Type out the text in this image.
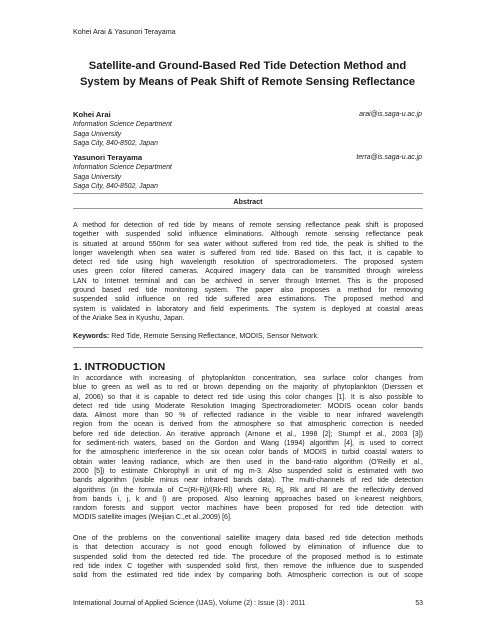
Kohei Arai & Yasunori Terayama
Satellite-and Ground-Based Red Tide Detection Method and
System by Means of Peak Shift of Remote Sensing Reflectance
Kohei Arai	arai@is.saga-u.ac.jp
Information Science Department
Saga University
Saga City, 840-8502, Japan
Yasunori Terayama	terra@is.saga-u.ac.jp
Information Science Department
Saga University
Saga City, 840-8502, Japan
Abstract
A method for detection of red tide by means of remote sensing reflectance peak shift is proposed
together with suspended solid influence eliminations. Although remote sensing reflectance peak
is situated at around 550nm for sea water without suffered from red tide, the peak is shifted to the
longer wavelength when sea water is suffered from red tide. Based on this fact, it is capable to
detect red tide using high wavelength resolution of spectroradiometers. The proposed system
uses green color filtered cameras. Acquired imagery data can be transmitted through wireless
LAN to Internet terminal and can be archived in server through Internet. This is the proposed
ground based red tide monitoring system. The paper also proposes a method for removing
suspended solid influence on red tide suffered area estimations. The proposed method and
system is validated in laboratory and field experiments. The system is deployed at coastal areas
of the Ariake Sea in Kyushu, Japan.
Keywords: Red Tide, Remote Sensing Reflectance, MODIS, Sensor Network.
1. INTRODUCTION
In accordance with increasing of phytoplankton concentration, sea surface color changes from
blue to green as well as to red or brown depending on the majority of phytoplankton (Dierssen et
al, 2006) so that it is capable to detect red tide using this color changes [1]. It is also possible to
detect red tide using Moderate Resolution Imaging Spectroradiometer: MODIS ocean color bands
data. Almost more than 90 % of reflected radiance in the visible to near infrared wavelength
region from the ocean is derived from the atmosphere so that atmospheric correction is needed
before red tide detection. An iterative approach (Arnone et al., 1998 [2]; Stumpf et al., 2003 [3])
for sediment-rich waters, based on the Gordon and Wang (1994) algorithm [4], is used to correct
for the atmospheric interference in the six ocean color bands of MODIS in turbid coastal waters to
obtain water leaving radiance, which are then used in the band-ratio algorithm (O'Reilly et al.,
2000 [5]) to estimate Chlorophyll in unit of mg m-3. Also suspended solid is estimated with two
bands algorithm (visible minus near infrared bands data). The multi-channels of red tide detection
algorithms (in the formula of C=(Ri-Rj)/(Rk-Rl) where Ri, Rj, Rk and Rl are the reflectivity derived
from bands i, j, k and l) are proposed. Also learning approaches based on k-nearest neighbors,
random forests and support vector machines have been proposed for red tide detection with
MODIS satellite images (Weijian C.,et al.,2009) [6].
One of the problems on the conventional satellite imagery data based red tide detection methods
is that detection accuracy is not good enough followed by elimination of influence due to
suspended solid from the detected red tide. The procedure of the proposed method is to estimate
red tide index C together with suspended solid first, then remove the influence due to suspended
solid from the estimated red tide index by comparing both. Atmospheric correction is out of scope
International Journal of Applied Science (IJAS), Volume (2) : Issue (3) : 2011	53
